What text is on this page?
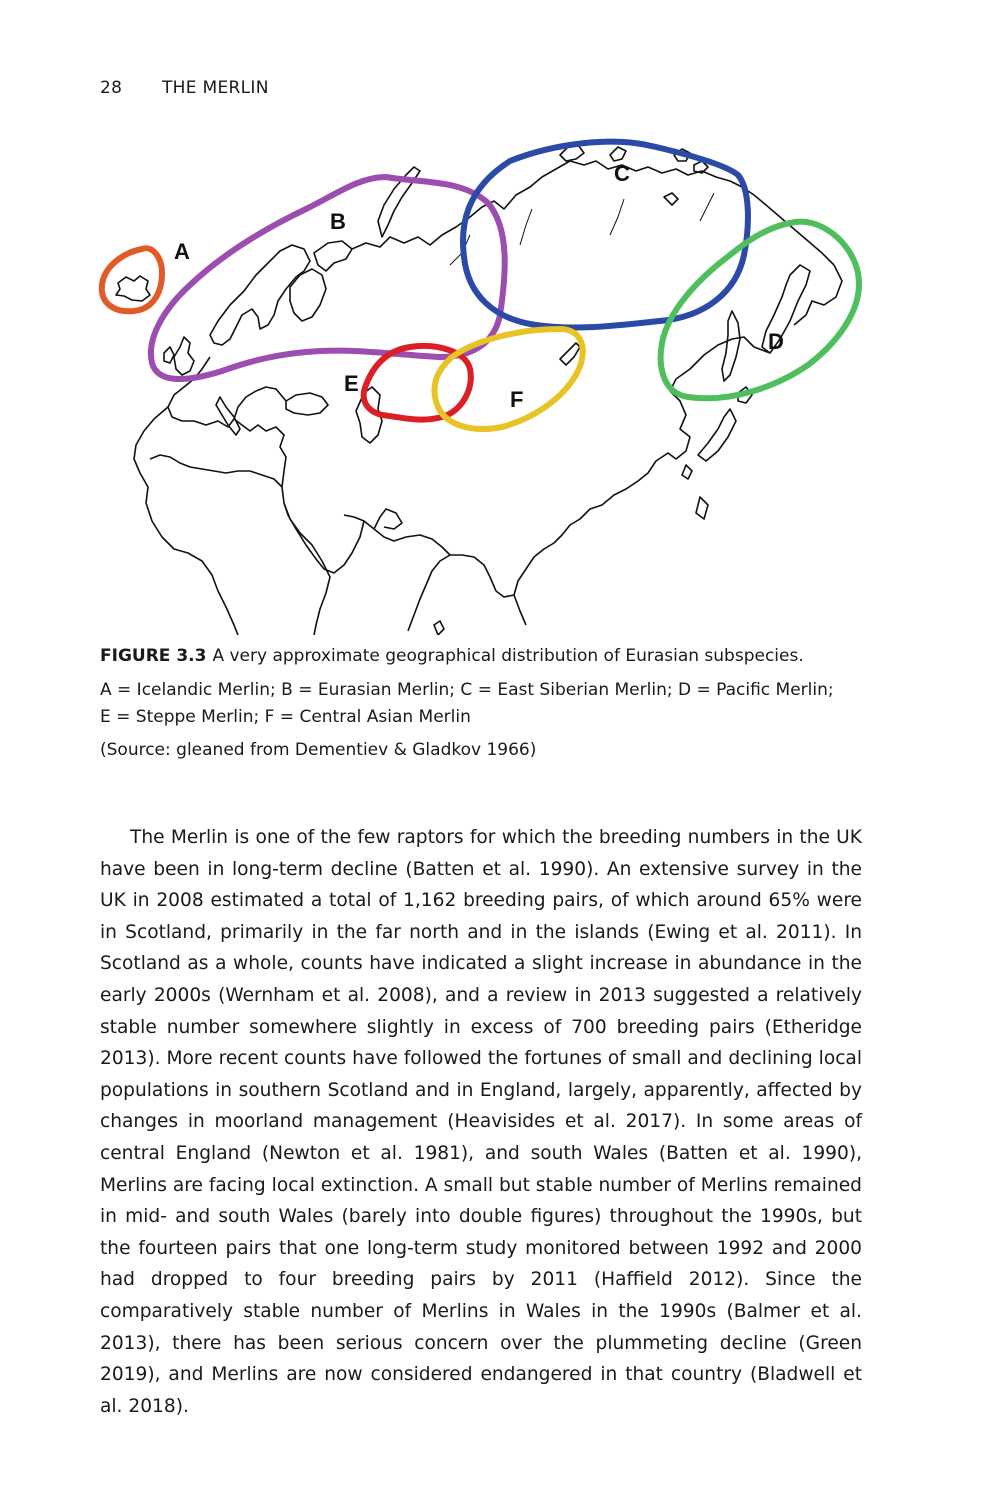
28 THE MERLIN
A
B
C
D
E
F
FIGURE 3.3 A very approximate geographical distribution of Eurasian subspecies.
A = Icelandic Merlin; B = Eurasian Merlin; C = East Siberian Merlin; D = Pacific Merlin;
E = Steppe Merlin; F = Central Asian Merlin
(Source: gleaned from Dementiev & Gladkov 1966)

The Merlin is one of the few raptors for which the breeding numbers in the UK have been in long-term decline (Batten et al. 1990). An extensive survey in the UK in 2008 estimated a total of 1,162 breeding pairs, of which around 65% were in Scotland, primarily in the far north and in the islands (Ewing et al. 2011). In Scotland as a whole, counts have indicated a slight increase in abundance in the early 2000s (Wernham et al. 2008), and a review in 2013 suggested a relatively stable number somewhere slightly in excess of 700 breeding pairs (Etheridge 2013). More recent counts have followed the fortunes of small and declining local populations in southern Scotland and in England, largely, apparently, affected by changes in moorland management (Heavisides et al. 2017). In some areas of central England (Newton et al. 1981), and south Wales (Batten et al. 1990), Merlins are facing local extinction. A small but stable number of Merlins remained in mid- and south Wales (barely into double figures) throughout the 1990s, but the fourteen pairs that one long-term study monitored between 1992 and 2000 had dropped to four breeding pairs by 2011 (Haffield 2012). Since the comparatively stable number of Merlins in Wales in the 1990s (Balmer et al. 2013), there has been serious concern over the plummeting decline (Green 2019), and Merlins are now considered endangered in that country (Bladwell et al. 2018).
